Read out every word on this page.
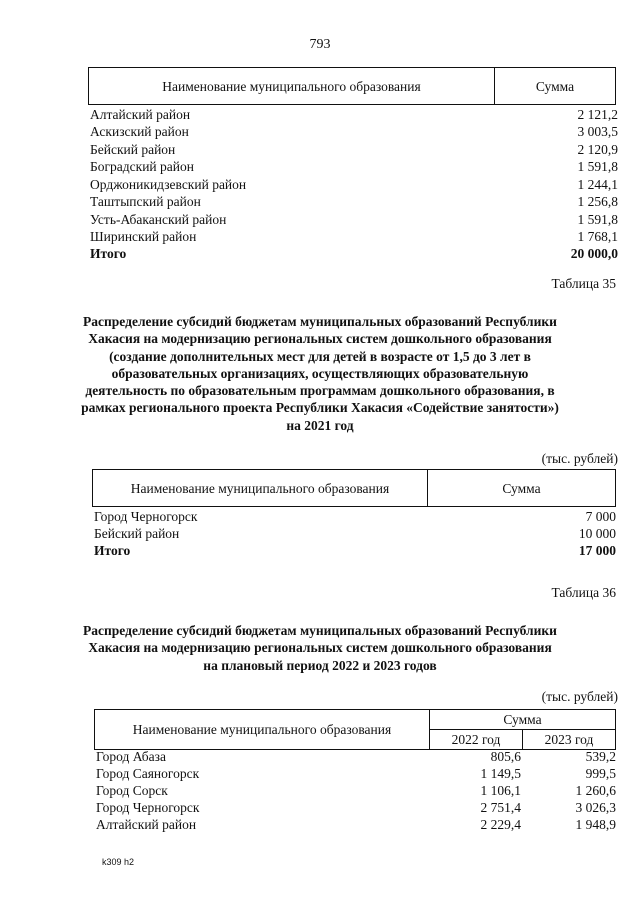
793
Наименование муниципального образования	Сумма
Алтайский район	2 121,2
Аскизский район	3 003,5
Бейский район	2 120,9
Боградский район	1 591,8
Орджоникидзевский район	1 244,1
Таштыпский район	1 256,8
Усть-Абаканский район	1 591,8
Ширинский район	1 768,1
Итого	20 000,0
Таблица 35
Распределение субсидий бюджетам муниципальных образований Республики Хакасия на модернизацию региональных систем дошкольного образования (создание дополнительных мест для детей в возрасте от 1,5 до 3 лет в образовательных организациях, осуществляющих образовательную деятельность по образовательным программам дошкольного образования, в рамках регионального проекта Республики Хакасия «Содействие занятости») на 2021 год
(тыс. рублей)
Наименование муниципального образования	Сумма
Город Черногорск	7 000
Бейский район	10 000
Итого	17 000
Таблица 36
Распределение субсидий бюджетам муниципальных образований Республики Хакасия на модернизацию региональных систем дошкольного образования на плановый период 2022 и 2023 годов
(тыс. рублей)
Наименование муниципального образования	Сумма	
	2022 год	2023 год
Город Абаза	805,6	539,2
Город Саяногорск	1 149,5	999,5
Город Сорск	1 106,1	1 260,6
Город Черногорск	2 751,4	3 026,3
Алтайский район	2 229,4	1 948,9
k309 h2
